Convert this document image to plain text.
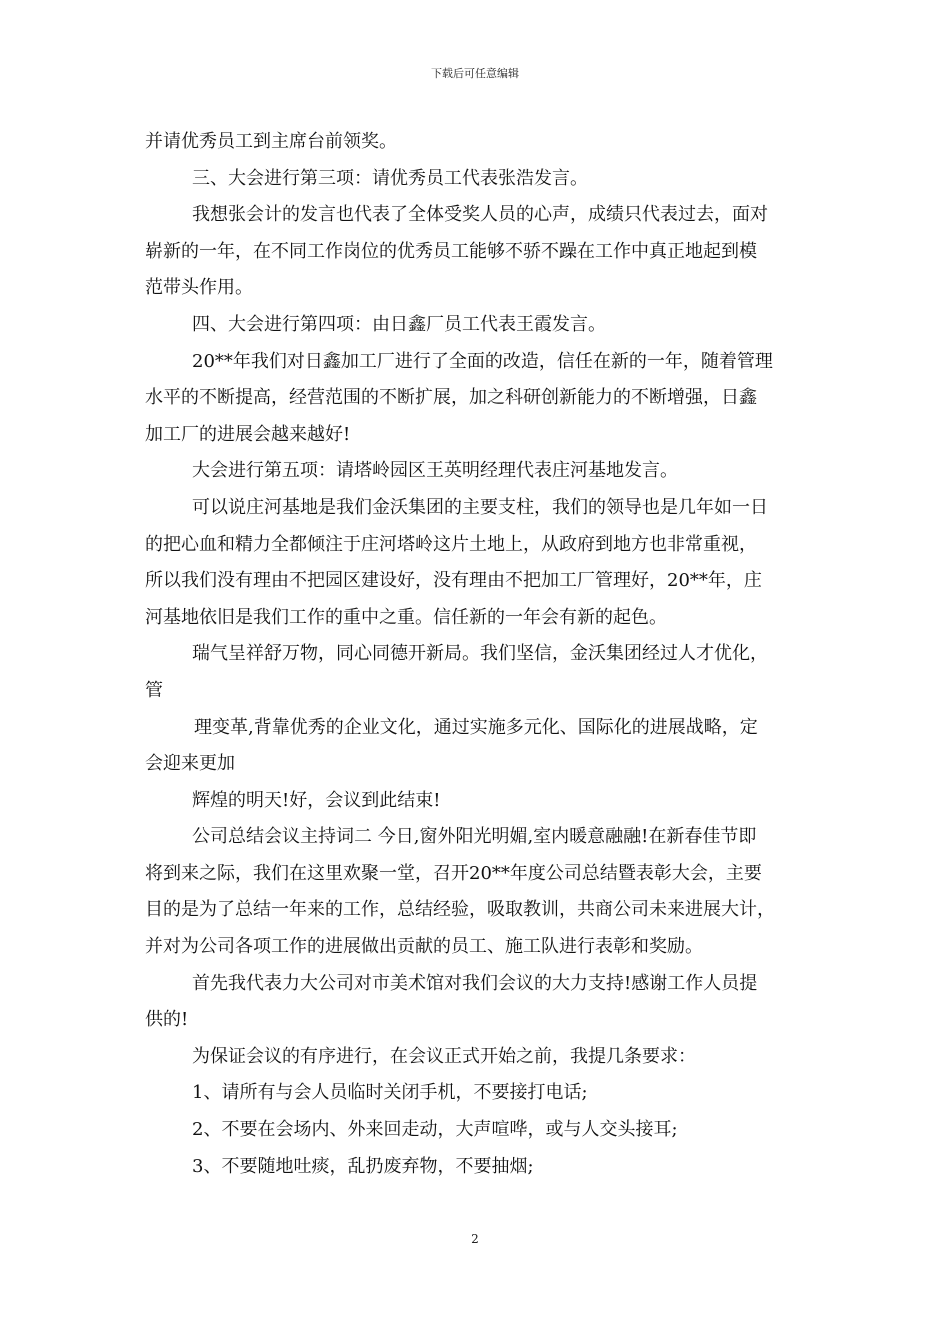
下载后可任意编辑

并请优秀员工到主席台前领奖。

三、大会进行第三项：请优秀员工代表张浩发言。

我想张会计的发言也代表了全体受奖人员的心声，成绩只代表过去，面对
崭新的一年，在不同工作岗位的优秀员工能够不骄不躁在工作中真正地起到模
范带头作用。

四、大会进行第四项：由日鑫厂员工代表王霞发言。

20**年我们对日鑫加工厂进行了全面的改造，信任在新的一年，随着管理
水平的不断提高，经营范围的不断扩展，加之科研创新能力的不断增强，日鑫
加工厂的进展会越来越好!

大会进行第五项：请塔岭园区王英明经理代表庄河基地发言。

可以说庄河基地是我们金沃集团的主要支柱，我们的领导也是几年如一日
的把心血和精力全都倾注于庄河塔岭这片土地上，从政府到地方也非常重视，
所以我们没有理由不把园区建设好，没有理由不把加工厂管理好，20**年，庄
河基地依旧是我们工作的重中之重。信任新的一年会有新的起色。

瑞气呈祥舒万物，同心同德开新局。我们坚信，金沃集团经过人才优化，
管

理变革,背靠优秀的企业文化，通过实施多元化、国际化的进展战略，定
会迎来更加

辉煌的明天!好，会议到此结束!

公司总结会议主持词二 今日,窗外阳光明媚,室内暖意融融!在新春佳节即
将到来之际，我们在这里欢聚一堂，召开20**年度公司总结暨表彰大会，主要
目的是为了总结一年来的工作，总结经验，吸取教训，共商公司未来进展大计，
并对为公司各项工作的进展做出贡献的员工、施工队进行表彰和奖励。

首先我代表力大公司对市美术馆对我们会议的大力支持!感谢工作人员提
供的!

为保证会议的有序进行，在会议正式开始之前，我提几条要求：

1、请所有与会人员临时关闭手机，不要接打电话;

2、不要在会场内、外来回走动，大声喧哗，或与人交头接耳;

3、不要随地吐痰，乱扔废弃物，不要抽烟;

2
